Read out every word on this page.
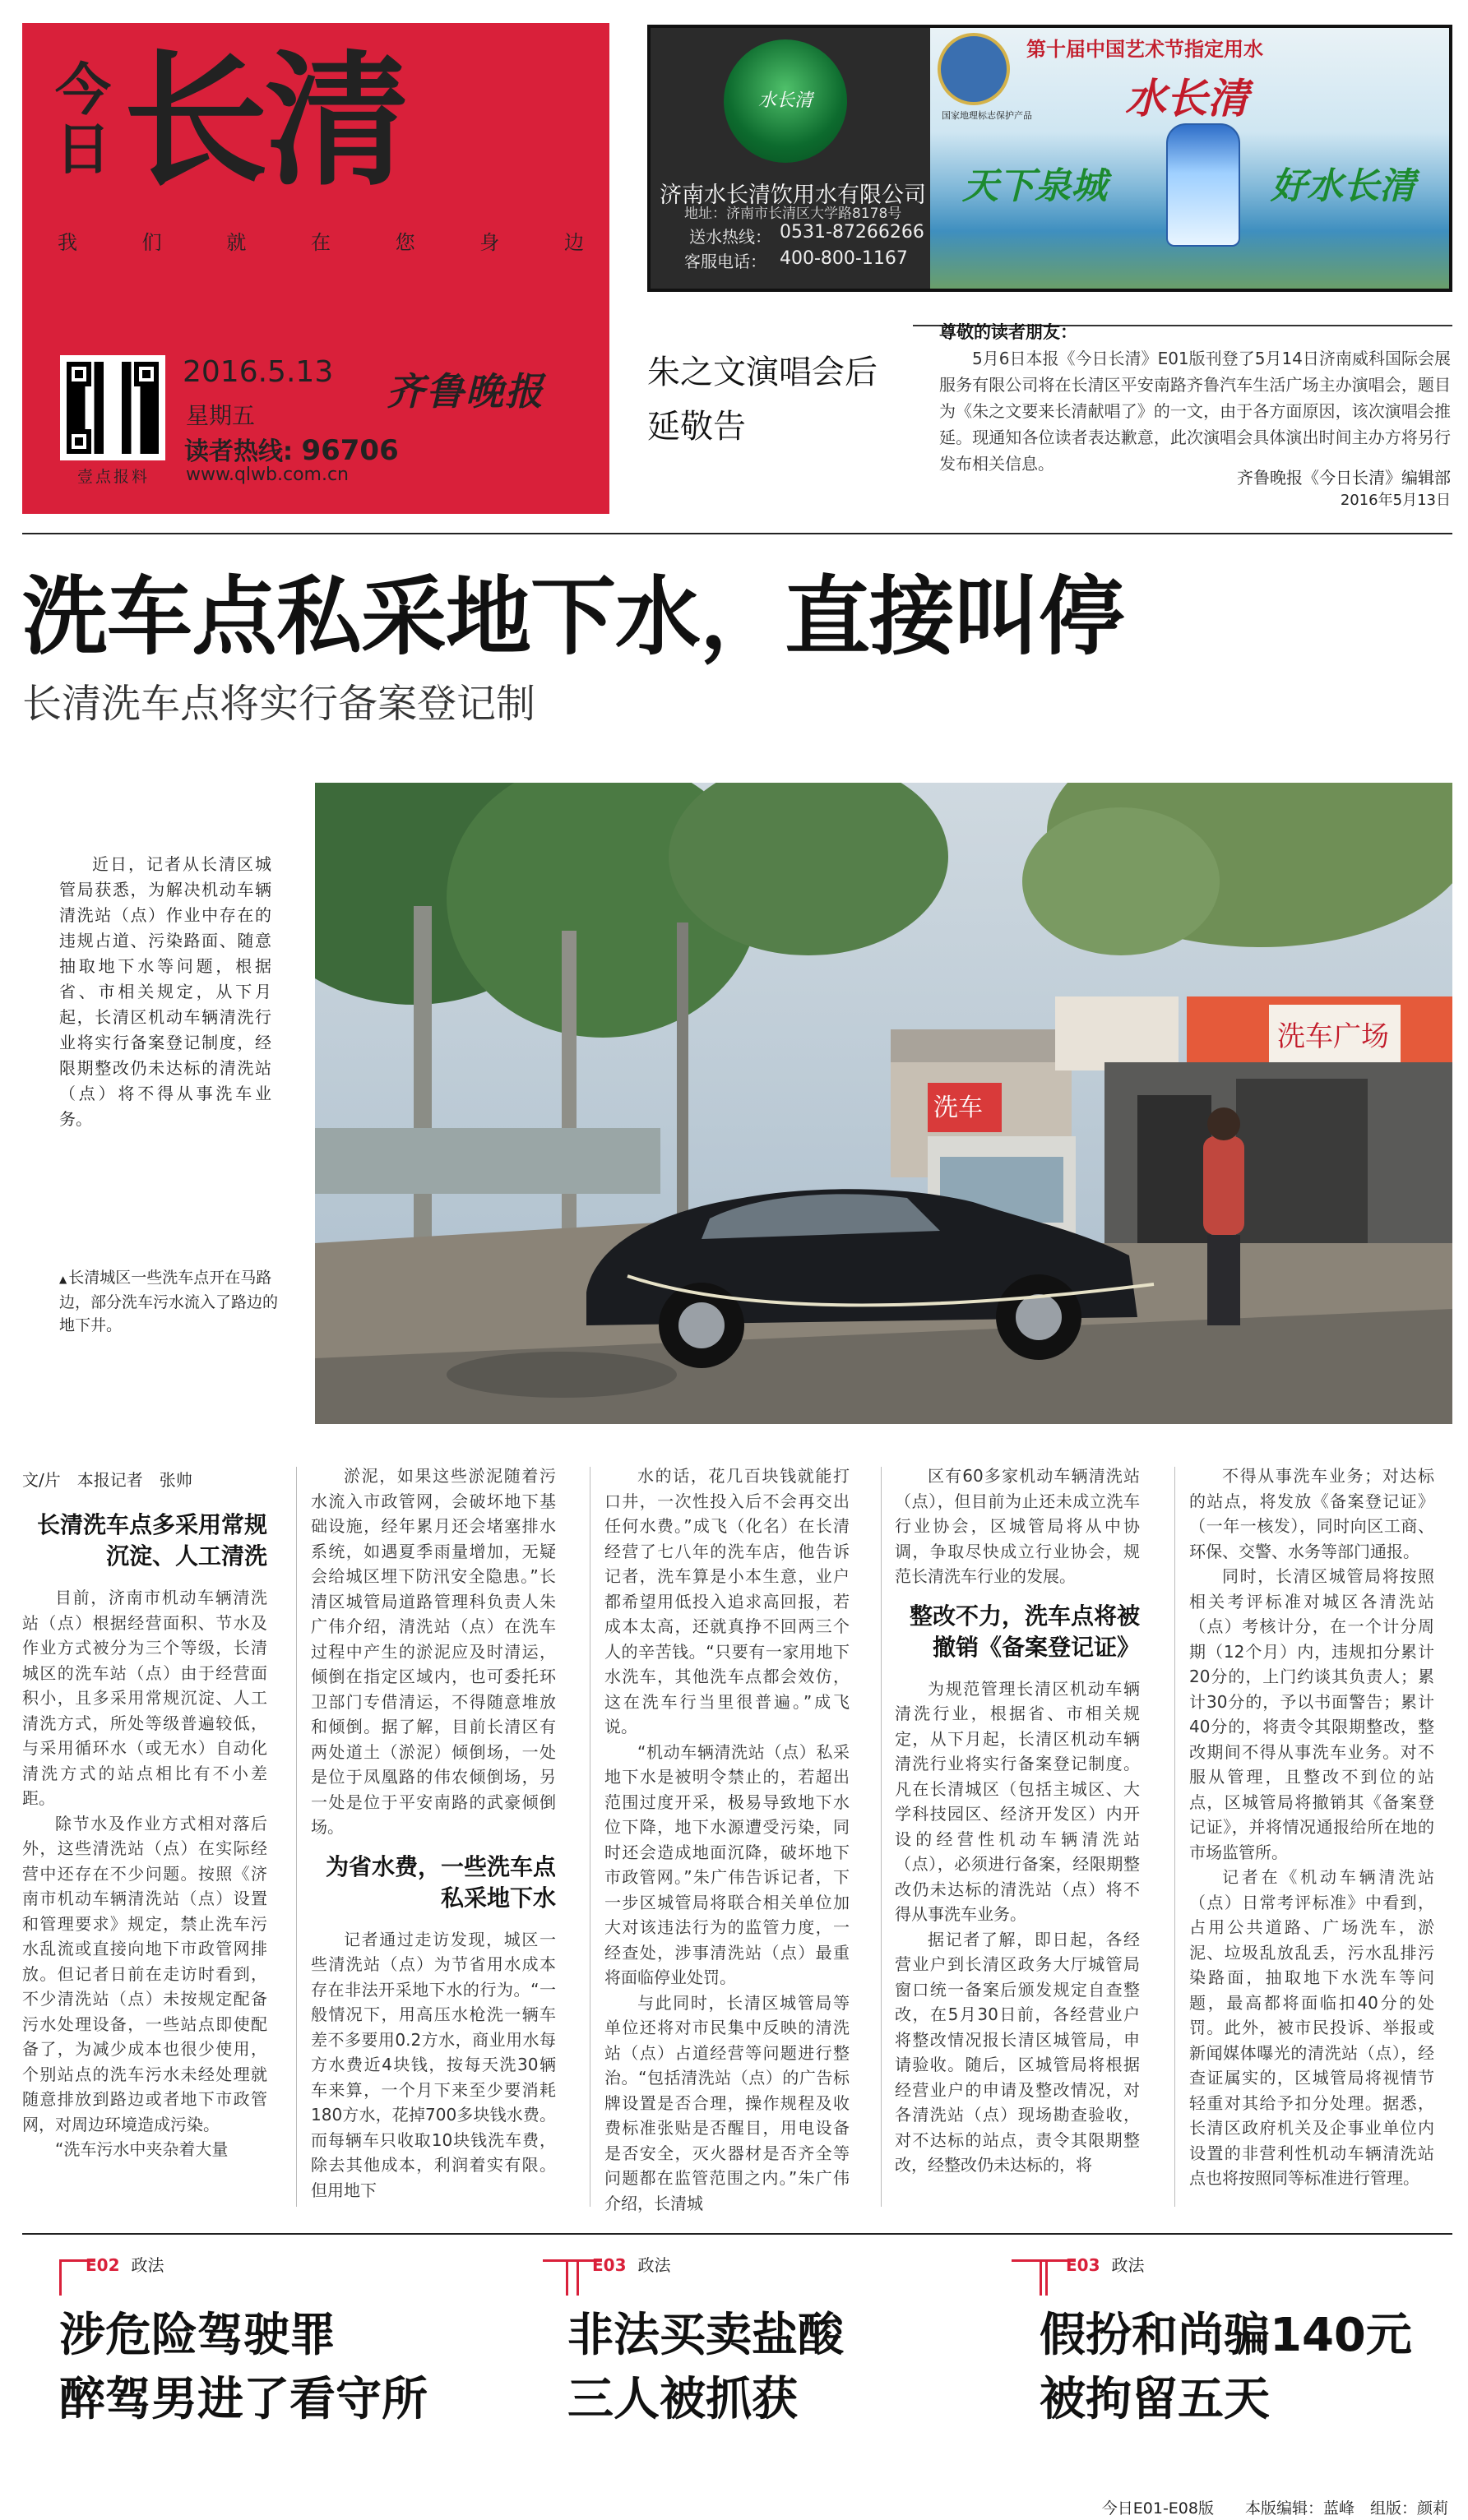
今日 长清
我	们	就	在	您	身	边
壹点报料
2016.5.13
星期五
读者热线: 96706
www.qlwb.com.cn
齐鲁晚报
水长清
济南水长清饮用水有限公司
地址：济南市长清区大学路8178号
送水热线： 0531-87266266
客服电话： 400-800-1167
国家地理标志保护产品
第十届中国艺术节指定用水
水长清
天下泉城	好水长清
朱之文演唱会后延敬告
尊敬的读者朋友：
5月6日本报《今日长清》E01版刊登了5月14日济南威科国际会展服务有限公司将在长清区平安南路齐鲁汽车生活广场主办演唱会，题目为《朱之文要来长清献唱了》的一文，由于各方面原因，该次演唱会推延。现通知各位读者表达歉意，此次演唱会具体演出时间主办方将另行发布相关信息。
齐鲁晚报《今日长清》编辑部
2016年5月13日
洗车点私采地下水，直接叫停
长清洗车点将实行备案登记制
近日，记者从长清区城管局获悉，为解决机动车辆清洗站（点）作业中存在的违规占道、污染路面、随意抽取地下水等问题，根据省、市相关规定，从下月起，长清区机动车辆清洗行业将实行备案登记制度，经限期整改仍未达标的清洗站（点）将不得从事洗车业务。
▲ 长清城区一些洗车点开在马路边，部分洗车污水流入了路边的地下井。
洗车
洗车广场
文/片　本报记者　张帅
长清洗车点多采用常规沉淀、人工清洗

目前，济南市机动车辆清洗站（点）根据经营面积、节水及作业方式被分为三个等级，长清城区的洗车站（点）由于经营面积小，且多采用常规沉淀、人工清洗方式，所处等级普遍较低，与采用循环水（或无水）自动化清洗方式的站点相比有不小差距。

除节水及作业方式相对落后外，这些清洗站（点）在实际经营中还存在不少问题。按照《济南市机动车辆清洗站（点）设置和管理要求》规定，禁止洗车污水乱流或直接向地下市政管网排放。但记者日前在走访时看到，不少清洗站（点）未按规定配备污水处理设备，一些站点即使配备了，为减少成本也很少使用，个别站点的洗车污水未经处理就随意排放到路边或者地下市政管网，对周边环境造成污染。

“洗车污水中夹杂着大量

淤泥，如果这些淤泥随着污水流入市政管网，会破坏地下基础设施，经年累月还会堵塞排水系统，如遇夏季雨量增加，无疑会给城区埋下防汛安全隐患。”长清区城管局道路管理科负责人朱广伟介绍，清洗站（点）在洗车过程中产生的淤泥应及时清运，倾倒在指定区域内，也可委托环卫部门专借清运，不得随意堆放和倾倒。据了解，目前长清区有两处道土（淤泥）倾倒场，一处是位于凤凰路的伟农倾倒场，另一处是位于平安南路的武豪倾倒场。

为省水费，一些洗车点私采地下水

记者通过走访发现，城区一些清洗站（点）为节省用水成本存在非法开采地下水的行为。“一般情况下，用高压水枪洗一辆车差不多要用0.2方水，商业用水每方水费近4块钱，按每天洗30辆车来算，一个月下来至少要消耗180方水，花掉700多块钱水费。而每辆车只收取10块钱洗车费，除去其他成本，利润着实有限。但用地下

水的话，花几百块钱就能打口井，一次性投入后不会再交出任何水费。”成飞（化名）在长清经营了七八年的洗车店，他告诉记者，洗车算是小本生意，业户都希望用低投入追求高回报，若成本太高，还就真挣不回两三个人的辛苦钱。“只要有一家用地下水洗车，其他洗车点都会效仿，这在洗车行当里很普遍。”成飞说。

“机动车辆清洗站（点）私采地下水是被明令禁止的，若超出范围过度开采，极易导致地下水位下降，地下水源遭受污染，同时还会造成地面沉降，破坏地下市政管网。”朱广伟告诉记者，下一步区城管局将联合相关单位加大对该违法行为的监管力度，一经查处，涉事清洗站（点）最重将面临停业处罚。

与此同时，长清区城管局等单位还将对市民集中反映的清洗站（点）占道经营等问题进行整治。“包括清洗站（点）的广告标牌设置是否合理，操作规程及收费标准张贴是否醒目，用电设备是否安全，灭火器材是否齐全等问题都在监管范围之内。”朱广伟介绍，长清城

区有60多家机动车辆清洗站（点），但目前为止还未成立洗车行业协会，区城管局将从中协调，争取尽快成立行业协会，规范长清洗车行业的发展。

整改不力，洗车点将被撤销《备案登记证》

为规范管理长清区机动车辆清洗行业，根据省、市相关规定，从下月起，长清区机动车辆清洗行业将实行备案登记制度。凡在长清城区（包括主城区、大学科技园区、经济开发区）内开设的经营性机动车辆清洗站（点），必须进行备案，经限期整改仍未达标的清洗站（点）将不得从事洗车业务。

据记者了解，即日起，各经营业户到长清区政务大厅城管局窗口统一备案后颁发规定自查整改，在5月30日前，各经营业户将整改情况报长清区城管局，申请验收。随后，区城管局将根据经营业户的申请及整改情况，对各清洗站（点）现场勘查验收，对不达标的站点，责令其限期整改，经整改仍未达标的，将

不得从事洗车业务；对达标的站点，将发放《备案登记证》（一年一核发），同时向区工商、环保、交警、水务等部门通报。

同时，长清区城管局将按照相关考评标准对城区各清洗站（点）考核计分，在一个计分周期（12个月）内，违规扣分累计20分的，上门约谈其负责人；累计30分的，予以书面警告；累计40分的，将责令其限期整改，整改期间不得从事洗车业务。对不服从管理，且整改不到位的站点，区城管局将撤销其《备案登记证》，并将情况通报给所在地的市场监管所。

记者在《机动车辆清洗站（点）日常考评标准》中看到，占用公共道路、广场洗车，淤泥、垃圾乱放乱丢，污水乱排污染路面，抽取地下水洗车等问题，最高都将面临扣40分的处罚。此外，被市民投诉、举报或新闻媒体曝光的清洗站（点），经查证属实的，区城管局将视情节轻重对其给予扣分处理。据悉，长清区政府机关及企事业单位内设置的非营利性机动车辆清洗站点也将按照同等标准进行管理。

E02 政法
涉危险驾驶罪
醉驾男进了看守所
E03 政法
非法买卖盐酸
三人被抓获
E03 政法
假扮和尚骗140元
被拘留五天
今日E01-E08版　　本版编辑：蓝峰　组版：颜莉
